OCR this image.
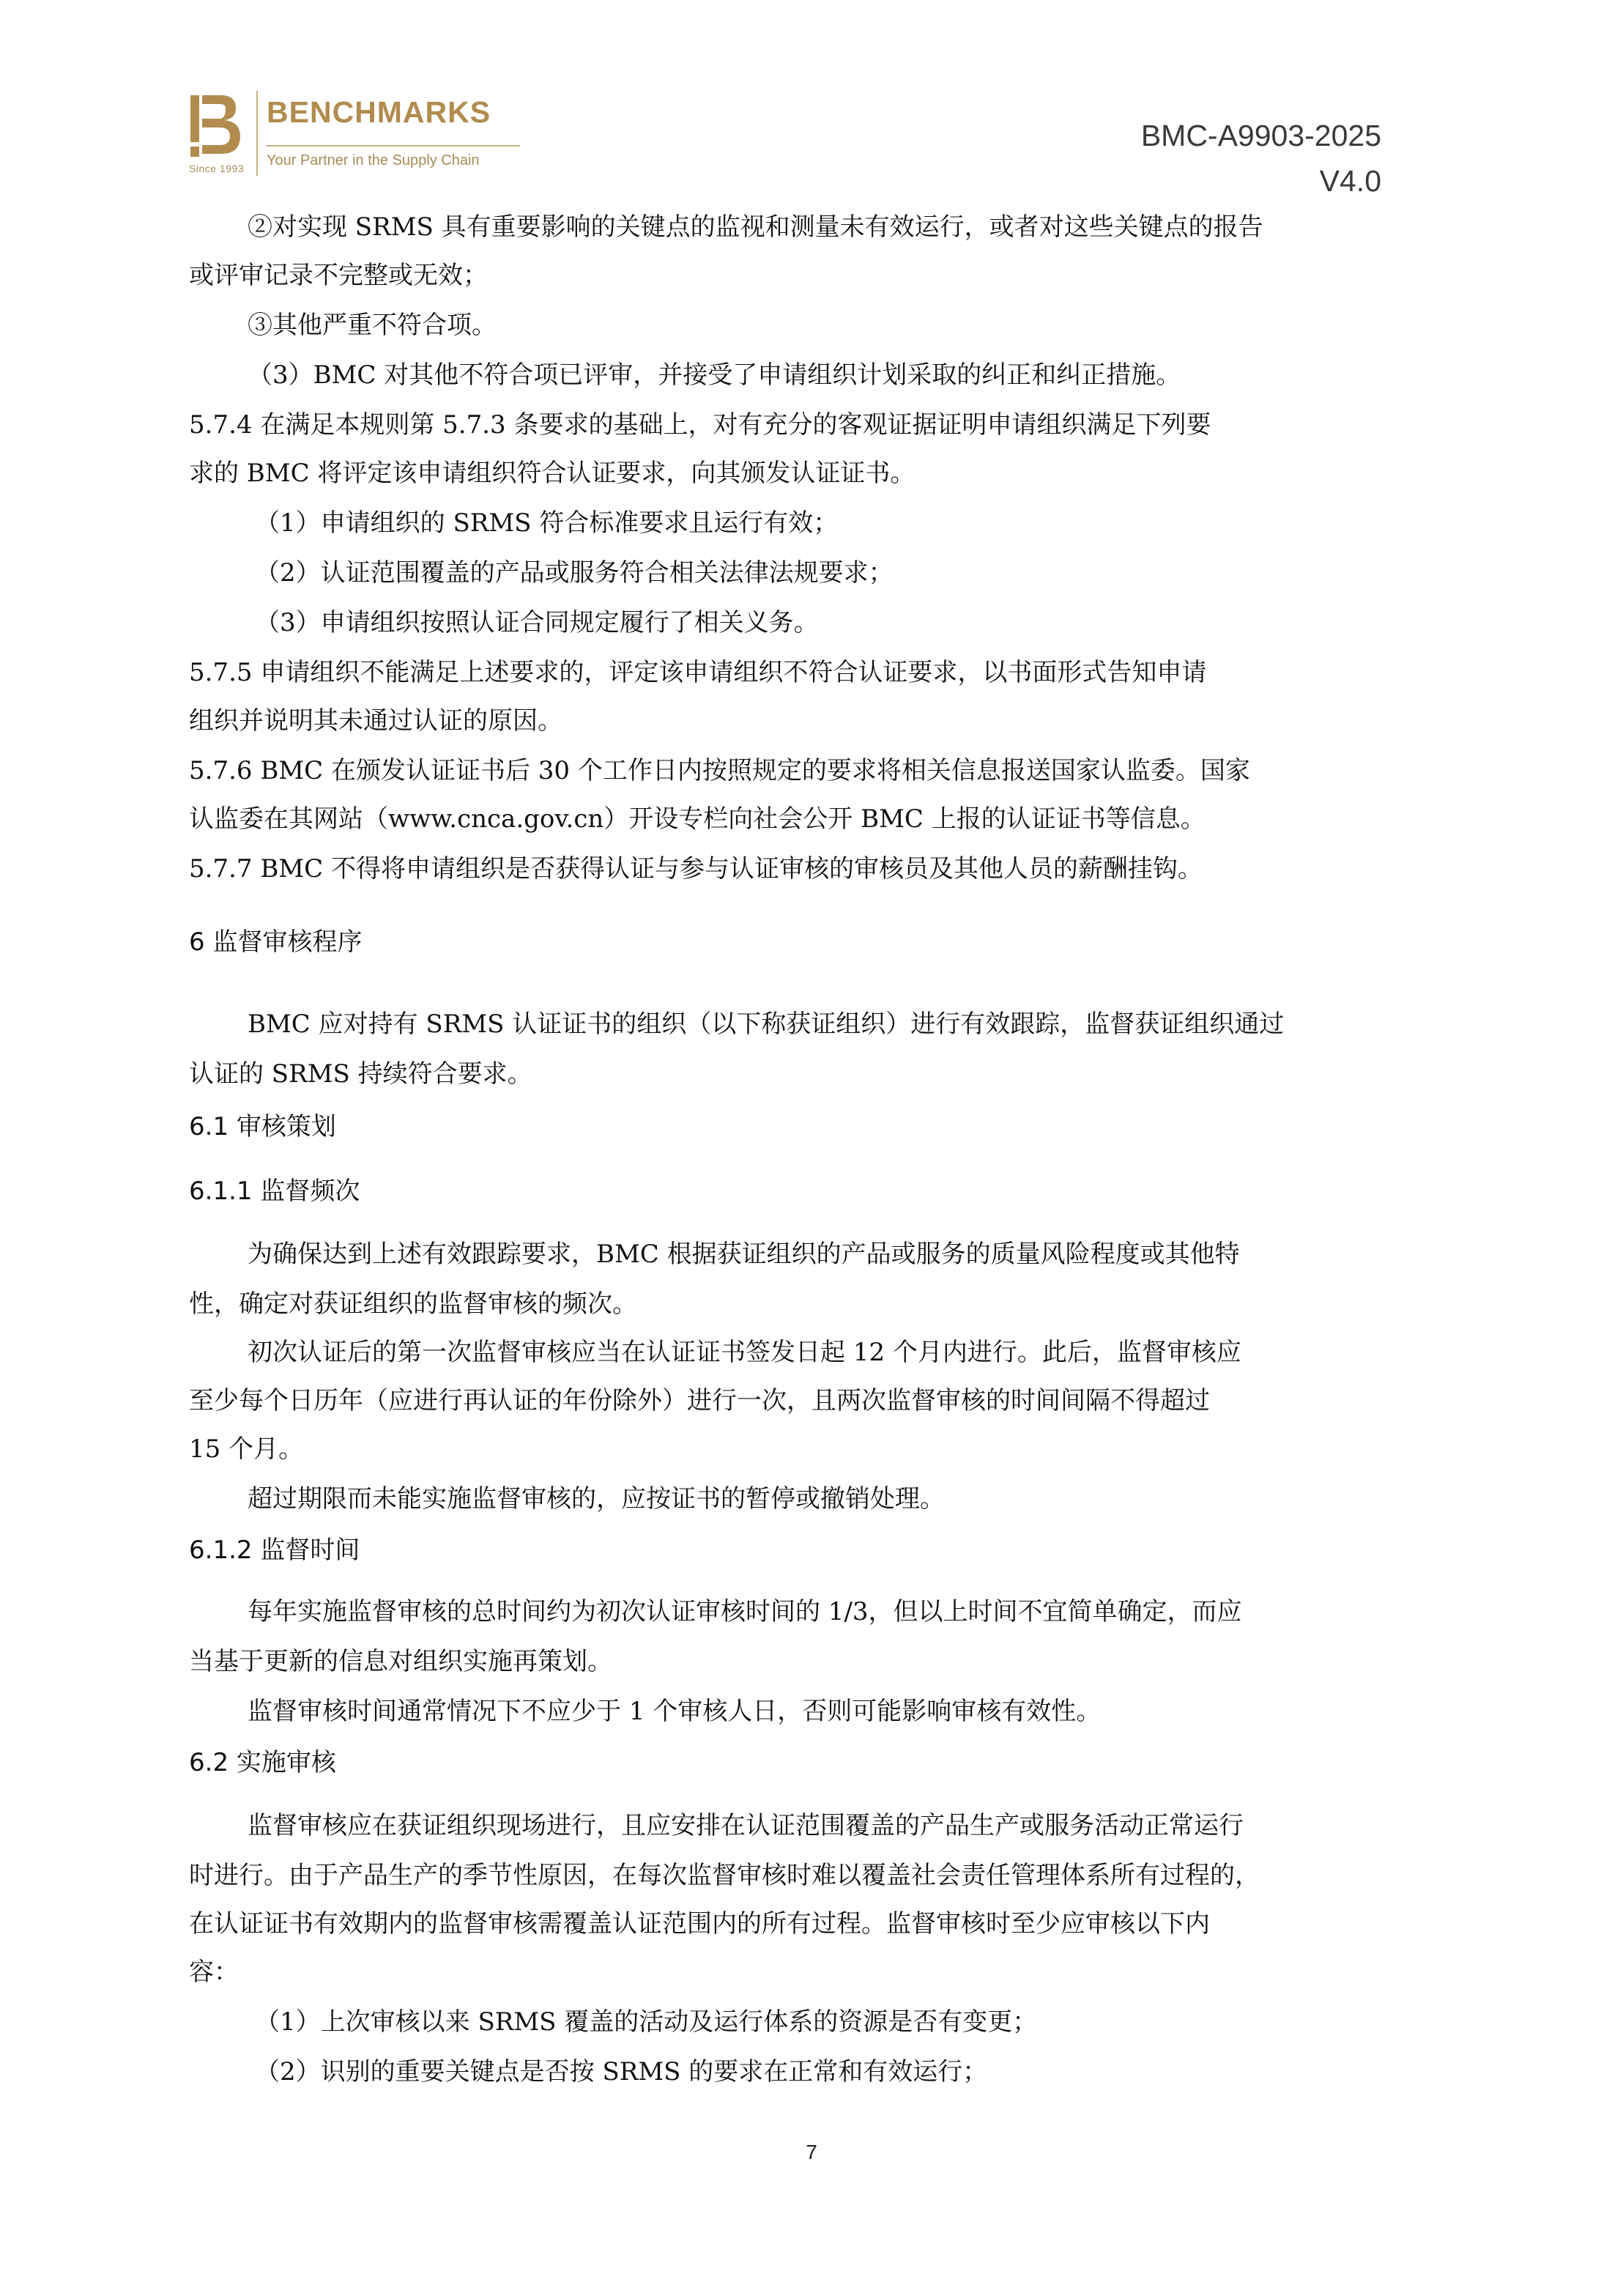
Since 1993
BENCHMARKS
Your Partner in the Supply Chain
BMC-A9903-2025
V4.0
②对实现 SRMS 具有重要影响的关键点的监视和测量未有效运行，或者对这些关键点的报告
或评审记录不完整或无效；
③其他严重不符合项。
（3）BMC 对其他不符合项已评审，并接受了申请组织计划采取的纠正和纠正措施。
5.7.4 在满足本规则第 5.7.3 条要求的基础上，对有充分的客观证据证明申请组织满足下列要
求的 BMC 将评定该申请组织符合认证要求，向其颁发认证证书。
（1）申请组织的 SRMS 符合标准要求且运行有效；
（2）认证范围覆盖的产品或服务符合相关法律法规要求；
（3）申请组织按照认证合同规定履行了相关义务。
5.7.5 申请组织不能满足上述要求的，评定该申请组织不符合认证要求，以书面形式告知申请
组织并说明其未通过认证的原因。
5.7.6 BMC 在颁发认证证书后 30 个工作日内按照规定的要求将相关信息报送国家认监委。国家
认监委在其网站（www.cnca.gov.cn）开设专栏向社会公开 BMC 上报的认证证书等信息。
5.7.7 BMC 不得将申请组织是否获得认证与参与认证审核的审核员及其他人员的薪酬挂钩。
6 监督审核程序
BMC 应对持有 SRMS 认证证书的组织（以下称获证组织）进行有效跟踪，监督获证组织通过
认证的 SRMS 持续符合要求。
6.1 审核策划
6.1.1 监督频次
为确保达到上述有效跟踪要求，BMC 根据获证组织的产品或服务的质量风险程度或其他特
性，确定对获证组织的监督审核的频次。
初次认证后的第一次监督审核应当在认证证书签发日起 12 个月内进行。此后，监督审核应
至少每个日历年（应进行再认证的年份除外）进行一次，且两次监督审核的时间间隔不得超过
15 个月。
超过期限而未能实施监督审核的，应按证书的暂停或撤销处理。
6.1.2 监督时间
每年实施监督审核的总时间约为初次认证审核时间的 1/3，但以上时间不宜简单确定，而应
当基于更新的信息对组织实施再策划。
监督审核时间通常情况下不应少于 1 个审核人日，否则可能影响审核有效性。
6.2 实施审核
监督审核应在获证组织现场进行，且应安排在认证范围覆盖的产品生产或服务活动正常运行
时进行。由于产品生产的季节性原因，在每次监督审核时难以覆盖社会责任管理体系所有过程的，
在认证证书有效期内的监督审核需覆盖认证范围内的所有过程。监督审核时至少应审核以下内
容：
（1）上次审核以来 SRMS 覆盖的活动及运行体系的资源是否有变更；
（2）识别的重要关键点是否按 SRMS 的要求在正常和有效运行；
7
